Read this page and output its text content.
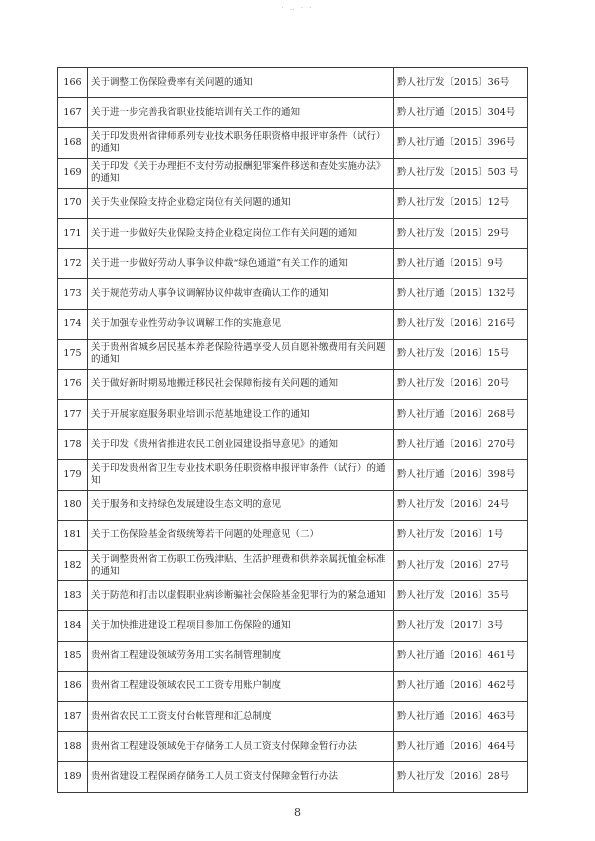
· ‥ · ·
166	关于调整工伤保险费率有关问题的通知	黔人社厅发〔2015〕36号
167	关于进一步完善我省职业技能培训有关工作的通知	黔人社厅通〔2015〕304号
168	关于印发贵州省律师系列专业技术职务任职资格申报评审条件（试行）的通知	黔人社厅通〔2015〕396号
169	关于印发《关于办理拒不支付劳动报酬犯罪案件移送和查处实施办法》的通知	黔人社厅发〔2015〕503 号
170	关于失业保险支持企业稳定岗位有关问题的通知	黔人社厅发〔2015〕12号
171	关于进一步做好失业保险支持企业稳定岗位工作有关问题的通知	黔人社厅发〔2015〕29号
172	关于进一步做好劳动人事争议仲裁“绿色通道”有关工作的通知	黔人社厅通〔2015〕9号
173	关于规范劳动人事争议调解协议仲裁审查确认工作的通知	黔人社厅通〔2015〕132号
174	关于加强专业性劳动争议调解工作的实施意见	黔人社厅发〔2016〕216号
175	关于贵州省城乡居民基本养老保险待遇享受人员自愿补缴费用有关问题的通知	黔人社厅发〔2016〕15号
176	关于做好新时期易地搬迁移民社会保障衔接有关问题的通知	黔人社厅发〔2016〕20号
177	关于开展家庭服务职业培训示范基地建设工作的通知	黔人社厅通〔2016〕268号
178	关于印发《贵州省推进农民工创业园建设指导意见》的通知	黔人社厅通〔2016〕270号
179	关于印发贵州省卫生专业技术职务任职资格申报评审条件（试行）的通知	黔人社厅通〔2016〕398号
180	关于服务和支持绿色发展建设生态文明的意见	黔人社厅发〔2016〕24号
181	关于工伤保险基金省级统筹若干问题的处理意见（二）	黔人社厅发〔2016〕1号
182	关于调整贵州省工伤职工伤残津贴、生活护理费和供养亲属抚恤金标准的通知	黔人社厅发〔2016〕27号
183	关于防范和打击以虚假职业病诊断骗社会保险基金犯罪行为的紧急通知	黔人社厅发〔2016〕35号
184	关于加快推进建设工程项目参加工伤保险的通知	黔人社厅发〔2017〕3号
185	贵州省工程建设领域劳务用工实名制管理制度	黔人社厅通〔2016〕461号
186	贵州省工程建设领域农民工工资专用账户制度	黔人社厅通〔2016〕462号
187	贵州省农民工工资支付台帐管理和汇总制度	黔人社厅通〔2016〕463号
188	贵州省工程建设领域免于存储务工人员工资支付保障金暂行办法	黔人社厅通〔2016〕464号
189	贵州省建设工程保函存储务工人员工资支付保障金暂行办法	黔人社厅发〔2016〕28号
8
